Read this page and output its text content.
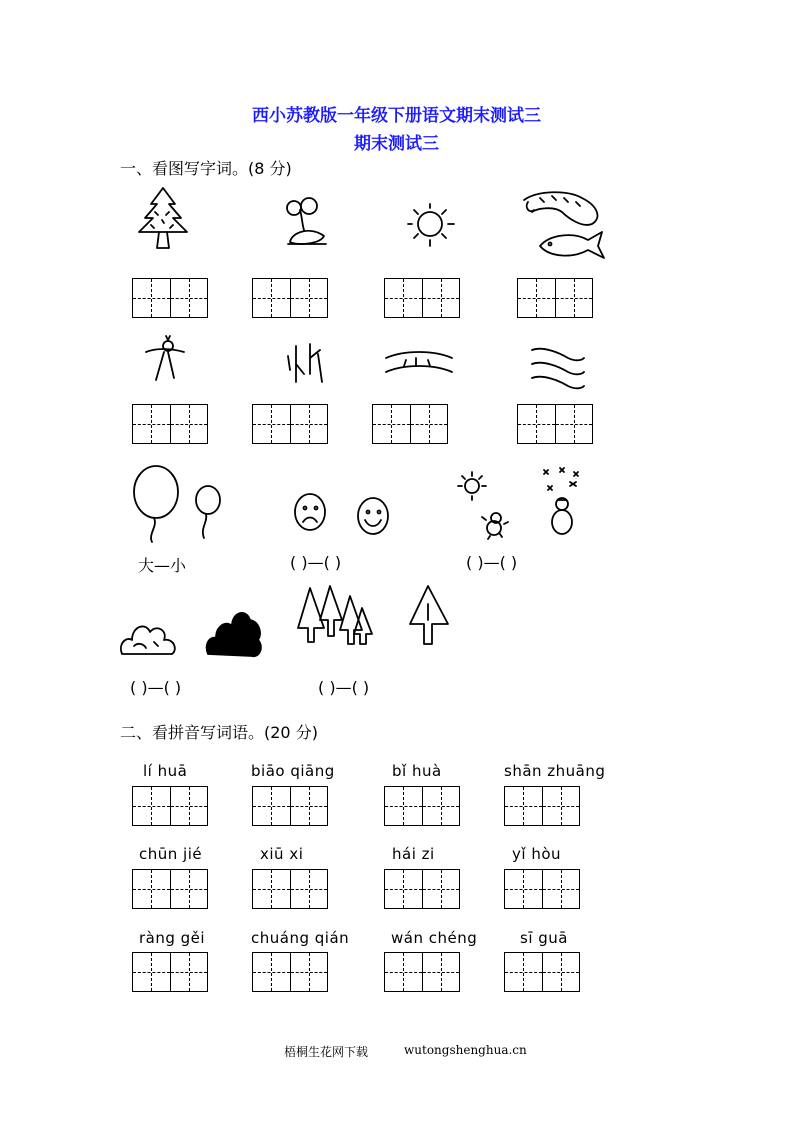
西小苏教版一年级下册语文期末测试三
期末测试三
一、看图写字词。(8 分)
大—小	( )—( )	( )—( )
( )—( )	( )—( )
二、看拼音写词语。(20 分)
lí huā	biāo qiāng	bǐ huà	shān zhuāng
chūn jié	xiū xi	hái zi	yǐ hòu
ràng gěi	chuáng qián	wán chéng	sī guā
梧桐生花网下载	wutongshenghua.cn
